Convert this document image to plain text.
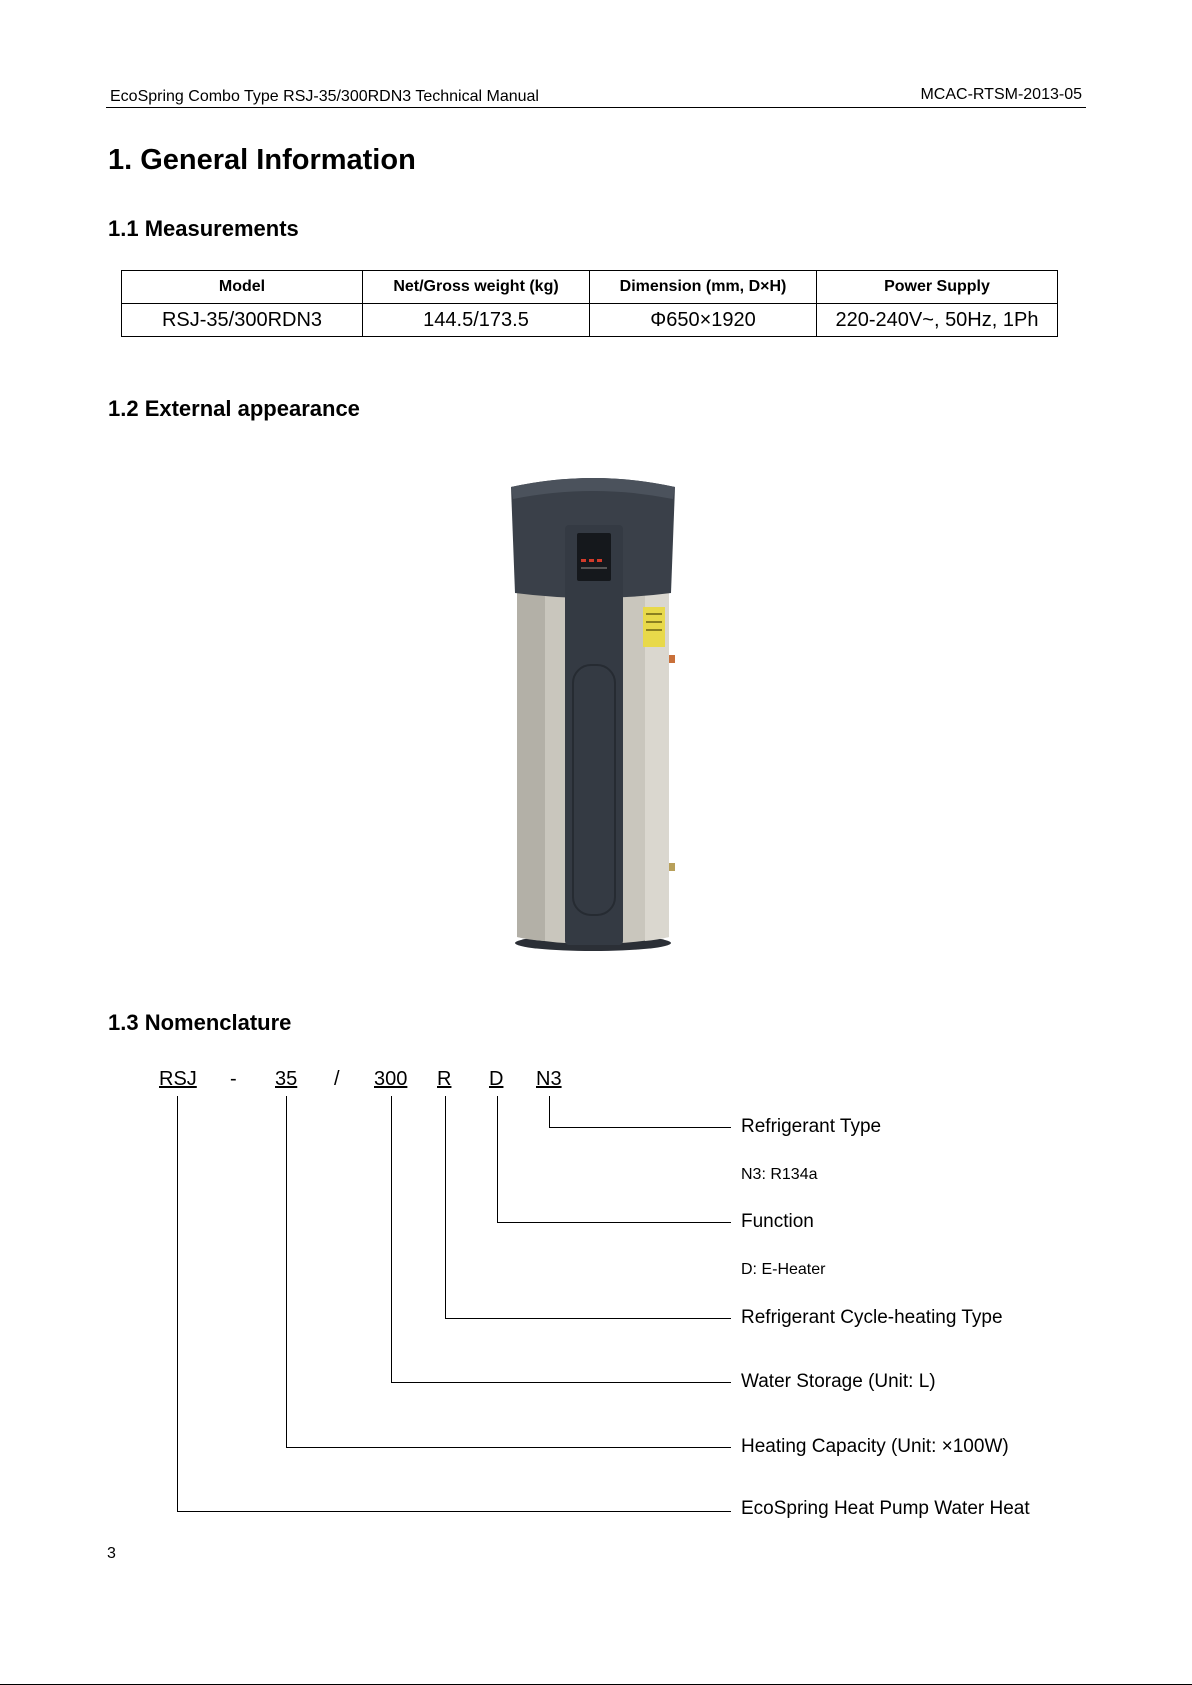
EcoSpring Combo Type RSJ-35/300RDN3 Technical Manual	MCAC-RTSM-2013-05
1. General Information
1.1 Measurements
Model	Net/Gross weight (kg)	Dimension (mm, D×H)	Power Supply
RSJ-35/300RDN3	144.5/173.5	Φ650×1920	220-240V~, 50Hz, 1Ph
1.2 External appearance
1.3 Nomenclature
RSJ - 35 / 300 R D N3
Refrigerant Type
N3: R134a
Function
D: E-Heater
Refrigerant Cycle-heating Type
Water Storage (Unit: L)
Heating Capacity (Unit: ×100W)
EcoSpring Heat Pump Water Heat
3
